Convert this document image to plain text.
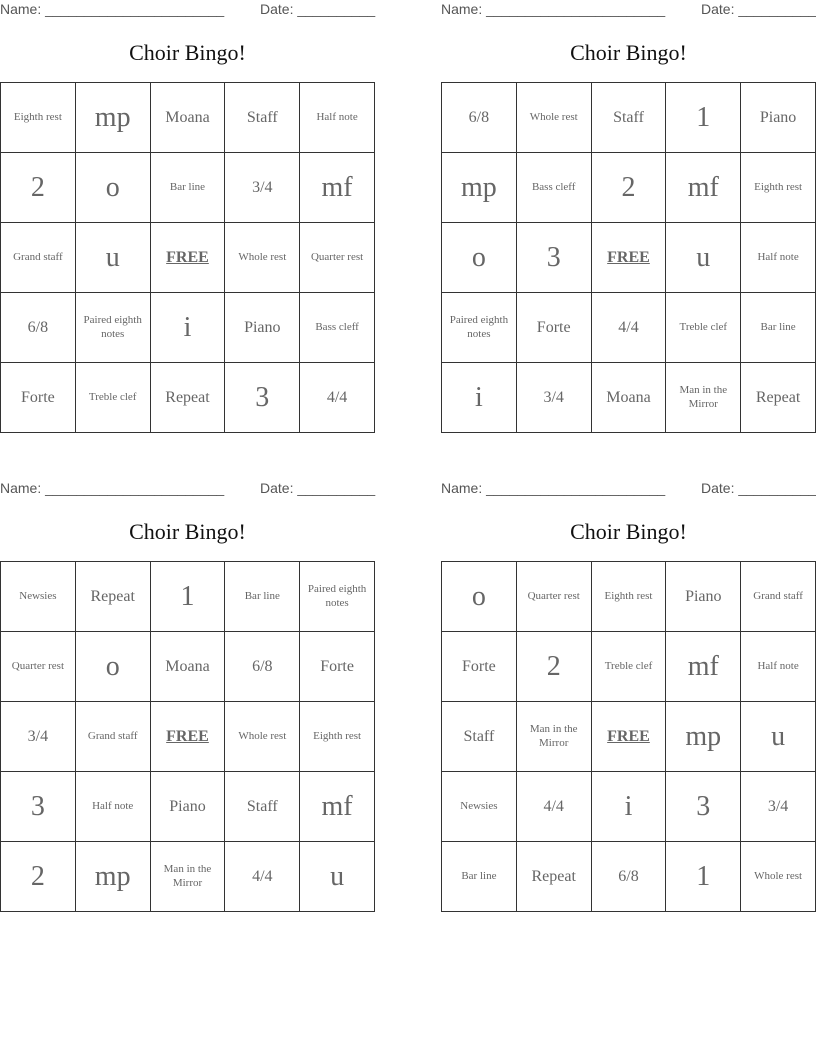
Name: _______________________	Date: __________
Choir Bingo!
Eighth rest	mp	Moana	Staff	Half note
2	o	Bar line	3/4	mf
Grand staff	u	FREE	Whole rest	Quarter rest
6/8	Paired eighth notes	i	Piano	Bass cleff
Forte	Treble clef	Repeat	3	4/4
Name: _______________________	Date: __________
Choir Bingo!
6/8	Whole rest	Staff	1	Piano
mp	Bass cleff	2	mf	Eighth rest
o	3	FREE	u	Half note
Paired eighth notes	Forte	4/4	Treble clef	Bar line
i	3/4	Moana	Man in the Mirror	Repeat
Name: _______________________	Date: __________
Choir Bingo!
Newsies	Repeat	1	Bar line	Paired eighth notes
Quarter rest	o	Moana	6/8	Forte
3/4	Grand staff	FREE	Whole rest	Eighth rest
3	Half note	Piano	Staff	mf
2	mp	Man in the Mirror	4/4	u
Name: _______________________	Date: __________
Choir Bingo!
o	Quarter rest	Eighth rest	Piano	Grand staff
Forte	2	Treble clef	mf	Half note
Staff	Man in the Mirror	FREE	mp	u
Newsies	4/4	i	3	3/4
Bar line	Repeat	6/8	1	Whole rest
